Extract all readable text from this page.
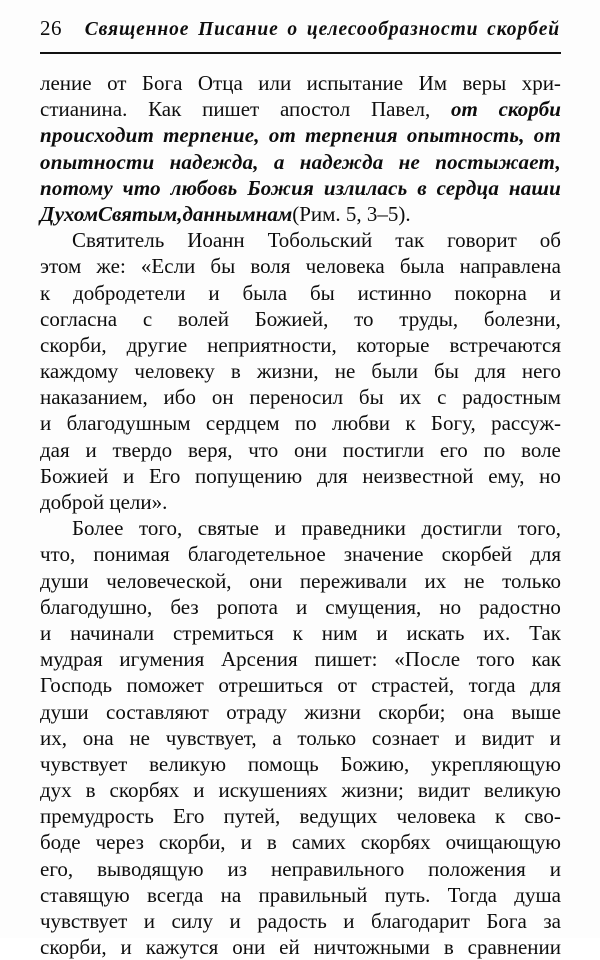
26	Священное Писание о целесообразности скорбей
ление от Бога Отца или испытание Им веры хри-
стианина. Как пишет апостол Павел, от скорби
происходит терпение, от терпения опытность, от
опытности надежда, а надежда не постыжает,
потому что любовь Божия излилась в сердца наши
Духом Святым, данным нам (Рим. 5, 3–5).
Святитель Иоанн Тобольский так говорит об
этом же: «Если бы воля человека была направлена
к добродетели и была бы истинно покорна и
согласна с волей Божией, то труды, болезни,
скорби, другие неприятности, которые встречаются
каждому человеку в жизни, не были бы для него
наказанием, ибо он переносил бы их с радостным
и благодушным сердцем по любви к Богу, рассуж-
дая и твердо веря, что они постигли его по воле
Божией и Его попущению для неизвестной ему, но
доброй цели».
Более того, святые и праведники достигли того,
что, понимая благодетельное значение скорбей для
души человеческой, они переживали их не только
благодушно, без ропота и смущения, но радостно
и начинали стремиться к ним и искать их. Так
мудрая игумения Арсения пишет: «После того как
Господь поможет отрешиться от страстей, тогда для
души составляют отраду жизни скорби; она выше
их, она не чувствует, а только сознает и видит и
чувствует великую помощь Божию, укрепляющую
дух в скорбях и искушениях жизни; видит великую
премудрость Его путей, ведущих человека к сво-
боде через скорби, и в самих скорбях очищающую
его, выводящую из неправильного положения и
ставящую всегда на правильный путь. Тогда душа
чувствует и силу и радость и благодарит Бога за
скорби, и кажутся они ей ничтожными в сравнении
